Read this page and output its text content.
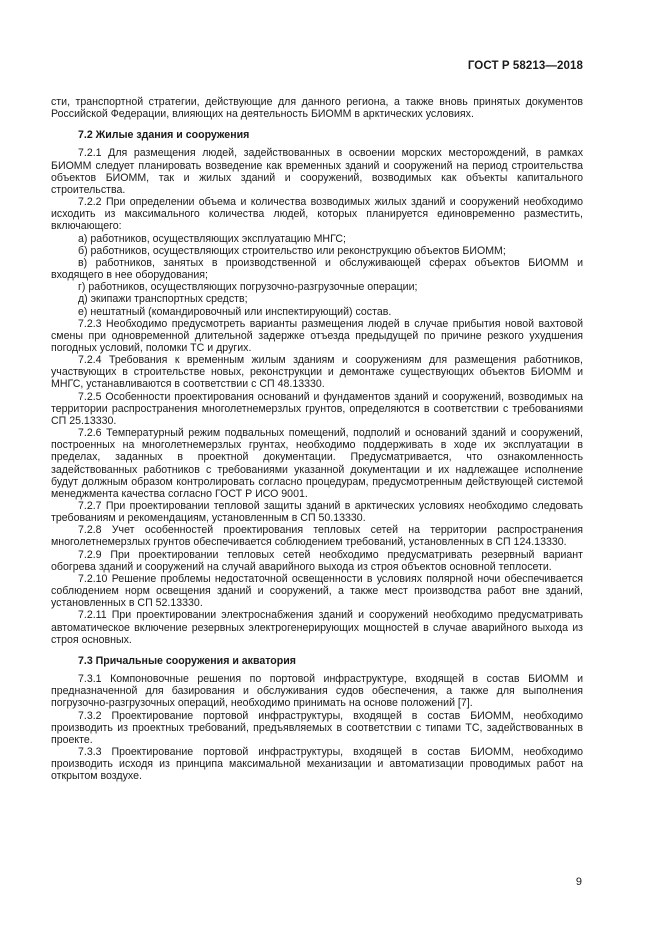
ГОСТ Р 58213—2018

сти, транспортной стратегии, действующие для данного региона, а также вновь принятых документов Российской Федерации, влияющих на деятельность БИОММ в арктических условиях.

7.2 Жилые здания и сооружения

7.2.1 Для размещения людей, задействованных в освоении морских месторождений, в рамках БИОММ следует планировать возведение как временных зданий и сооружений на период строительства объектов БИОММ, так и жилых зданий и сооружений, возводимых как объекты капитального строительства.

7.2.2 При определении объема и количества возводимых жилых зданий и сооружений необходимо исходить из максимального количества людей, которых планируется единовременно разместить, включающего:

а) работников, осуществляющих эксплуатацию МНГС;

б) работников, осуществляющих строительство или реконструкцию объектов БИОММ;

в) работников, занятых в производственной и обслуживающей сферах объектов БИОММ и входящего в нее оборудования;

г) работников, осуществляющих погрузочно-разгрузочные операции;

д) экипажи транспортных средств;

е) нештатный (командировочный или инспектирующий) состав.

7.2.3 Необходимо предусмотреть варианты размещения людей в случае прибытия новой вахтовой смены при одновременной длительной задержке отъезда предыдущей по причине резкого ухудшения погодных условий, поломки ТС и других.

7.2.4 Требования к временным жилым зданиям и сооружениям для размещения работников, участвующих в строительстве новых, реконструкции и демонтаже существующих объектов БИОММ и МНГС, устанавливаются в соответствии с СП 48.13330.

7.2.5 Особенности проектирования оснований и фундаментов зданий и сооружений, возводимых на территории распространения многолетнемерзлых грунтов, определяются в соответствии с требованиями СП 25.13330.

7.2.6 Температурный режим подвальных помещений, подполий и оснований зданий и сооружений, построенных на многолетнемерзлых грунтах, необходимо поддерживать в ходе их эксплуатации в пределах, заданных в проектной документации. Предусматривается, что ознакомленность задействованных работников с требованиями указанной документации и их надлежащее исполнение будут должным образом контролировать согласно процедурам, предусмотренным действующей системой менеджмента качества согласно ГОСТ Р ИСО 9001.

7.2.7 При проектировании тепловой защиты зданий в арктических условиях необходимо следовать требованиям и рекомендациям, установленным в СП 50.13330.

7.2.8 Учет особенностей проектирования тепловых сетей на территории распространения многолетнемерзлых грунтов обеспечивается соблюдением требований, установленных в СП 124.13330.

7.2.9 При проектировании тепловых сетей необходимо предусматривать резервный вариант обогрева зданий и сооружений на случай аварийного выхода из строя объектов основной теплосети.

7.2.10 Решение проблемы недостаточной освещенности в условиях полярной ночи обеспечивается соблюдением норм освещения зданий и сооружений, а также мест производства работ вне зданий, установленных в СП 52.13330.

7.2.11 При проектировании электроснабжения зданий и сооружений необходимо предусматривать автоматическое включение резервных электрогенерирующих мощностей в случае аварийного выхода из строя основных.

7.3 Причальные сооружения и акватория

7.3.1 Компоновочные решения по портовой инфраструктуре, входящей в состав БИОММ и предназначенной для базирования и обслуживания судов обеспечения, а также для выполнения погрузочно-разгрузочных операций, необходимо принимать на основе положений [7].

7.3.2 Проектирование портовой инфраструктуры, входящей в состав БИОММ, необходимо производить из проектных требований, предъявляемых в соответствии с типами ТС, задействованных в проекте.

7.3.3 Проектирование портовой инфраструктуры, входящей в состав БИОММ, необходимо производить исходя из принципа максимальной механизации и автоматизации проводимых работ на открытом воздухе.

9
